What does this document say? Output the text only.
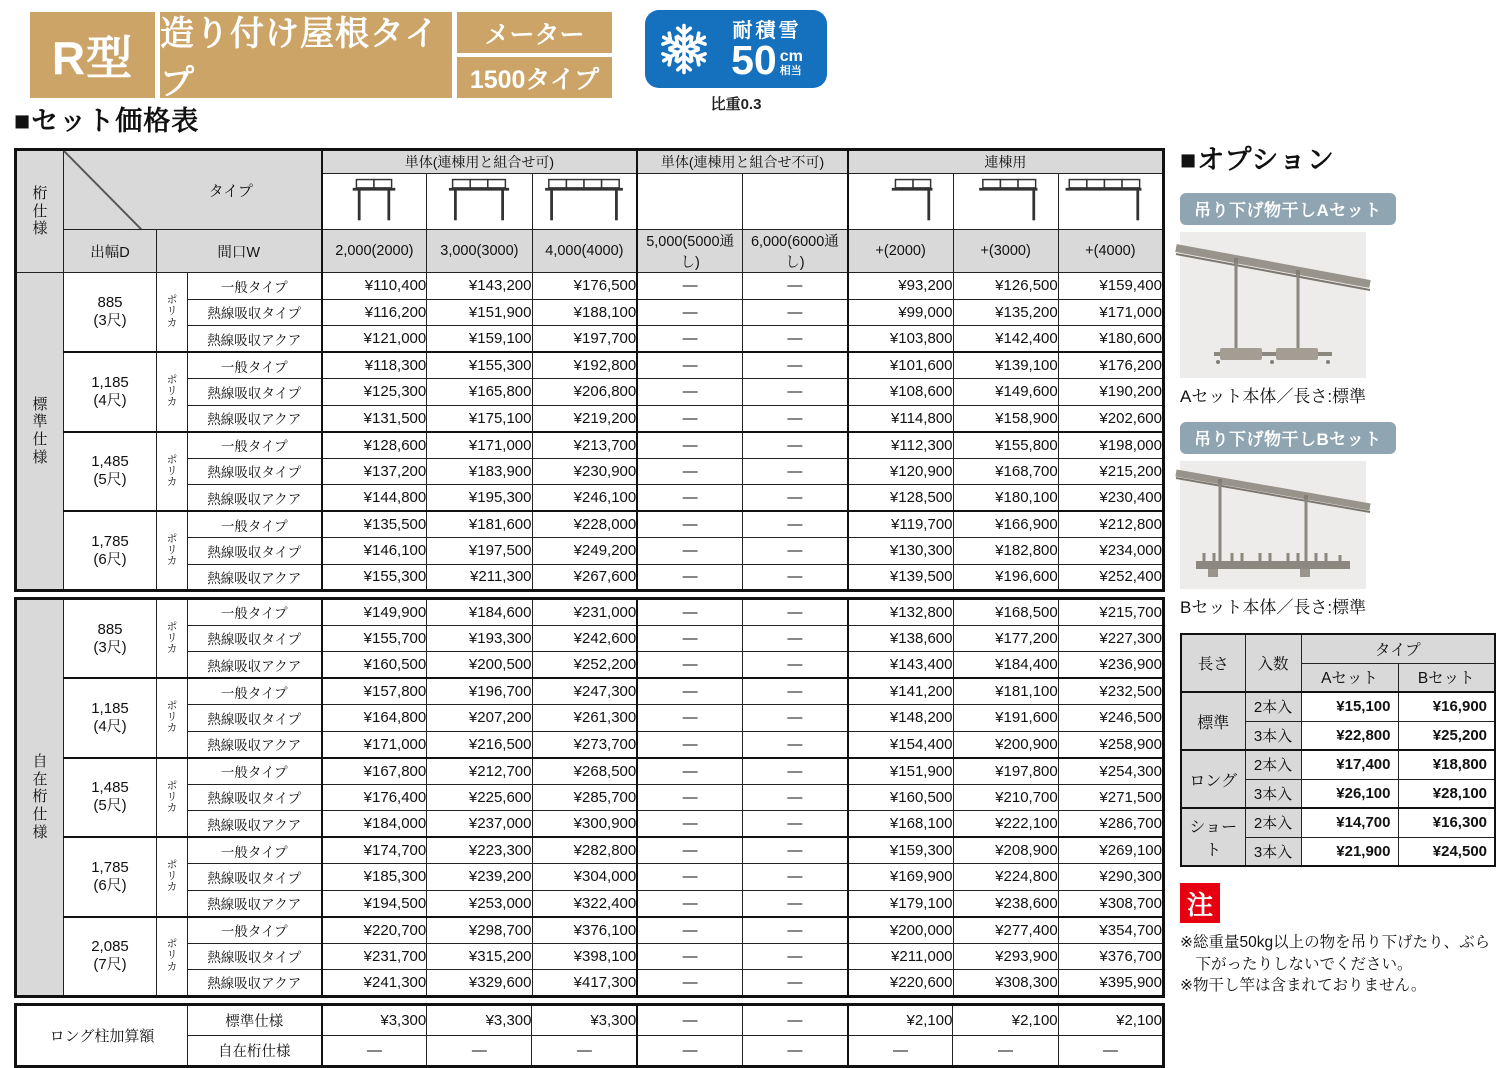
R型 造り付け屋根タイプ
メーター
1500タイプ
耐積雪
50 cm
相当
比重0.3
■セット価格表
桁
仕
様	タイプ			単体(連棟用と組合せ可)			単体(連棟用と組合せ不可)		連棟用		

	出幅D	間口W		2,000(2000)	3,000(3000)	4,000(4000)	5,000(5000通し)	6,000(6000通し)	+(2000)	+(3000)	+(4000)

標
準
仕
様

885
(3尺)

ポ
リ
カ
	一般タイプ	¥110,400	¥143,200	¥176,500	—	—	¥93,200	¥126,500	¥159,400
			熱線吸収タイプ	¥116,200	¥151,900	¥188,100	—	—	¥99,000	¥135,200	¥171,000
			熱線吸収アクア	¥121,000	¥159,100	¥197,700	—	—	¥103,800	¥142,400	¥180,600

1,185
(4尺)

ポ
リ
カ
	一般タイプ	¥118,300	¥155,300	¥192,800	—	—	¥101,600	¥139,100	¥176,200
			熱線吸収タイプ	¥125,300	¥165,800	¥206,800	—	—	¥108,600	¥149,600	¥190,200
			熱線吸収アクア	¥131,500	¥175,100	¥219,200	—	—	¥114,800	¥158,900	¥202,600

1,485
(5尺)

ポ
リ
カ
	一般タイプ	¥128,600	¥171,000	¥213,700	—	—	¥112,300	¥155,800	¥198,000
			熱線吸収タイプ	¥137,200	¥183,900	¥230,900	—	—	¥120,900	¥168,700	¥215,200
			熱線吸収アクア	¥144,800	¥195,300	¥246,100	—	—	¥128,500	¥180,100	¥230,400

1,785
(6尺)

ポ
リ
カ
	一般タイプ	¥135,500	¥181,600	¥228,000	—	—	¥119,700	¥166,900	¥212,800
			熱線吸収タイプ	¥146,100	¥197,500	¥249,200	—	—	¥130,300	¥182,800	¥234,000
			熱線吸収アクア	¥155,300	¥211,300	¥267,600	—	—	¥139,500	¥196,600	¥252,400
自
在
桁
仕
様

885
(3尺)

ポ
リ
カ
	一般タイプ	¥149,900	¥184,600	¥231,000	—	—	¥132,800	¥168,500	¥215,700
			熱線吸収タイプ	¥155,700	¥193,300	¥242,600	—	—	¥138,600	¥177,200	¥227,300
			熱線吸収アクア	¥160,500	¥200,500	¥252,200	—	—	¥143,400	¥184,400	¥236,900

1,185
(4尺)

ポ
リ
カ
	一般タイプ	¥157,800	¥196,700	¥247,300	—	—	¥141,200	¥181,100	¥232,500
			熱線吸収タイプ	¥164,800	¥207,200	¥261,300	—	—	¥148,200	¥191,600	¥246,500
			熱線吸収アクア	¥171,000	¥216,500	¥273,700	—	—	¥154,400	¥200,900	¥258,900

1,485
(5尺)

ポ
リ
カ
	一般タイプ	¥167,800	¥212,700	¥268,500	—	—	¥151,900	¥197,800	¥254,300
			熱線吸収タイプ	¥176,400	¥225,600	¥285,700	—	—	¥160,500	¥210,700	¥271,500
			熱線吸収アクア	¥184,000	¥237,000	¥300,900	—	—	¥168,100	¥222,100	¥286,700

1,785
(6尺)

ポ
リ
カ
	一般タイプ	¥174,700	¥223,300	¥282,800	—	—	¥159,300	¥208,900	¥269,100
			熱線吸収タイプ	¥185,300	¥239,200	¥304,000	—	—	¥169,900	¥224,800	¥290,300
			熱線吸収アクア	¥194,500	¥253,000	¥322,400	—	—	¥179,100	¥238,600	¥308,700

2,085
(7尺)

ポ
リ
カ
	一般タイプ	¥220,700	¥298,700	¥376,100	—	—	¥200,000	¥277,400	¥354,700
			熱線吸収タイプ	¥231,700	¥315,200	¥398,100	—	—	¥211,000	¥293,900	¥376,700
			熱線吸収アクア	¥241,300	¥329,600	¥417,300	—	—	¥220,600	¥308,300	¥395,900
ロング柱加算額	標準仕様	¥3,300	¥3,300	¥3,300	—	—	¥2,100	¥2,100	¥2,100
	自在桁仕様	—	—	—	—	—	—	—	—
■オプション
吊り下げ物干しAセット
Aセット本体／長さ:標準
吊り下げ物干しBセット
Bセット本体／長さ:標準
長さ	入数	タイプ	
		Aセット	Bセット
標準	2本入	¥15,100	¥16,900
	3本入	¥22,800	¥25,200
ロング	2本入	¥17,400	¥18,800
	3本入	¥26,100	¥28,100
ショート	2本入	¥14,700	¥16,300
	3本入	¥21,900	¥24,500
注
※総重量50kg以上の物を吊り下げたり、ぶら下がったりしないでください。
※物干し竿は含まれておりません。
